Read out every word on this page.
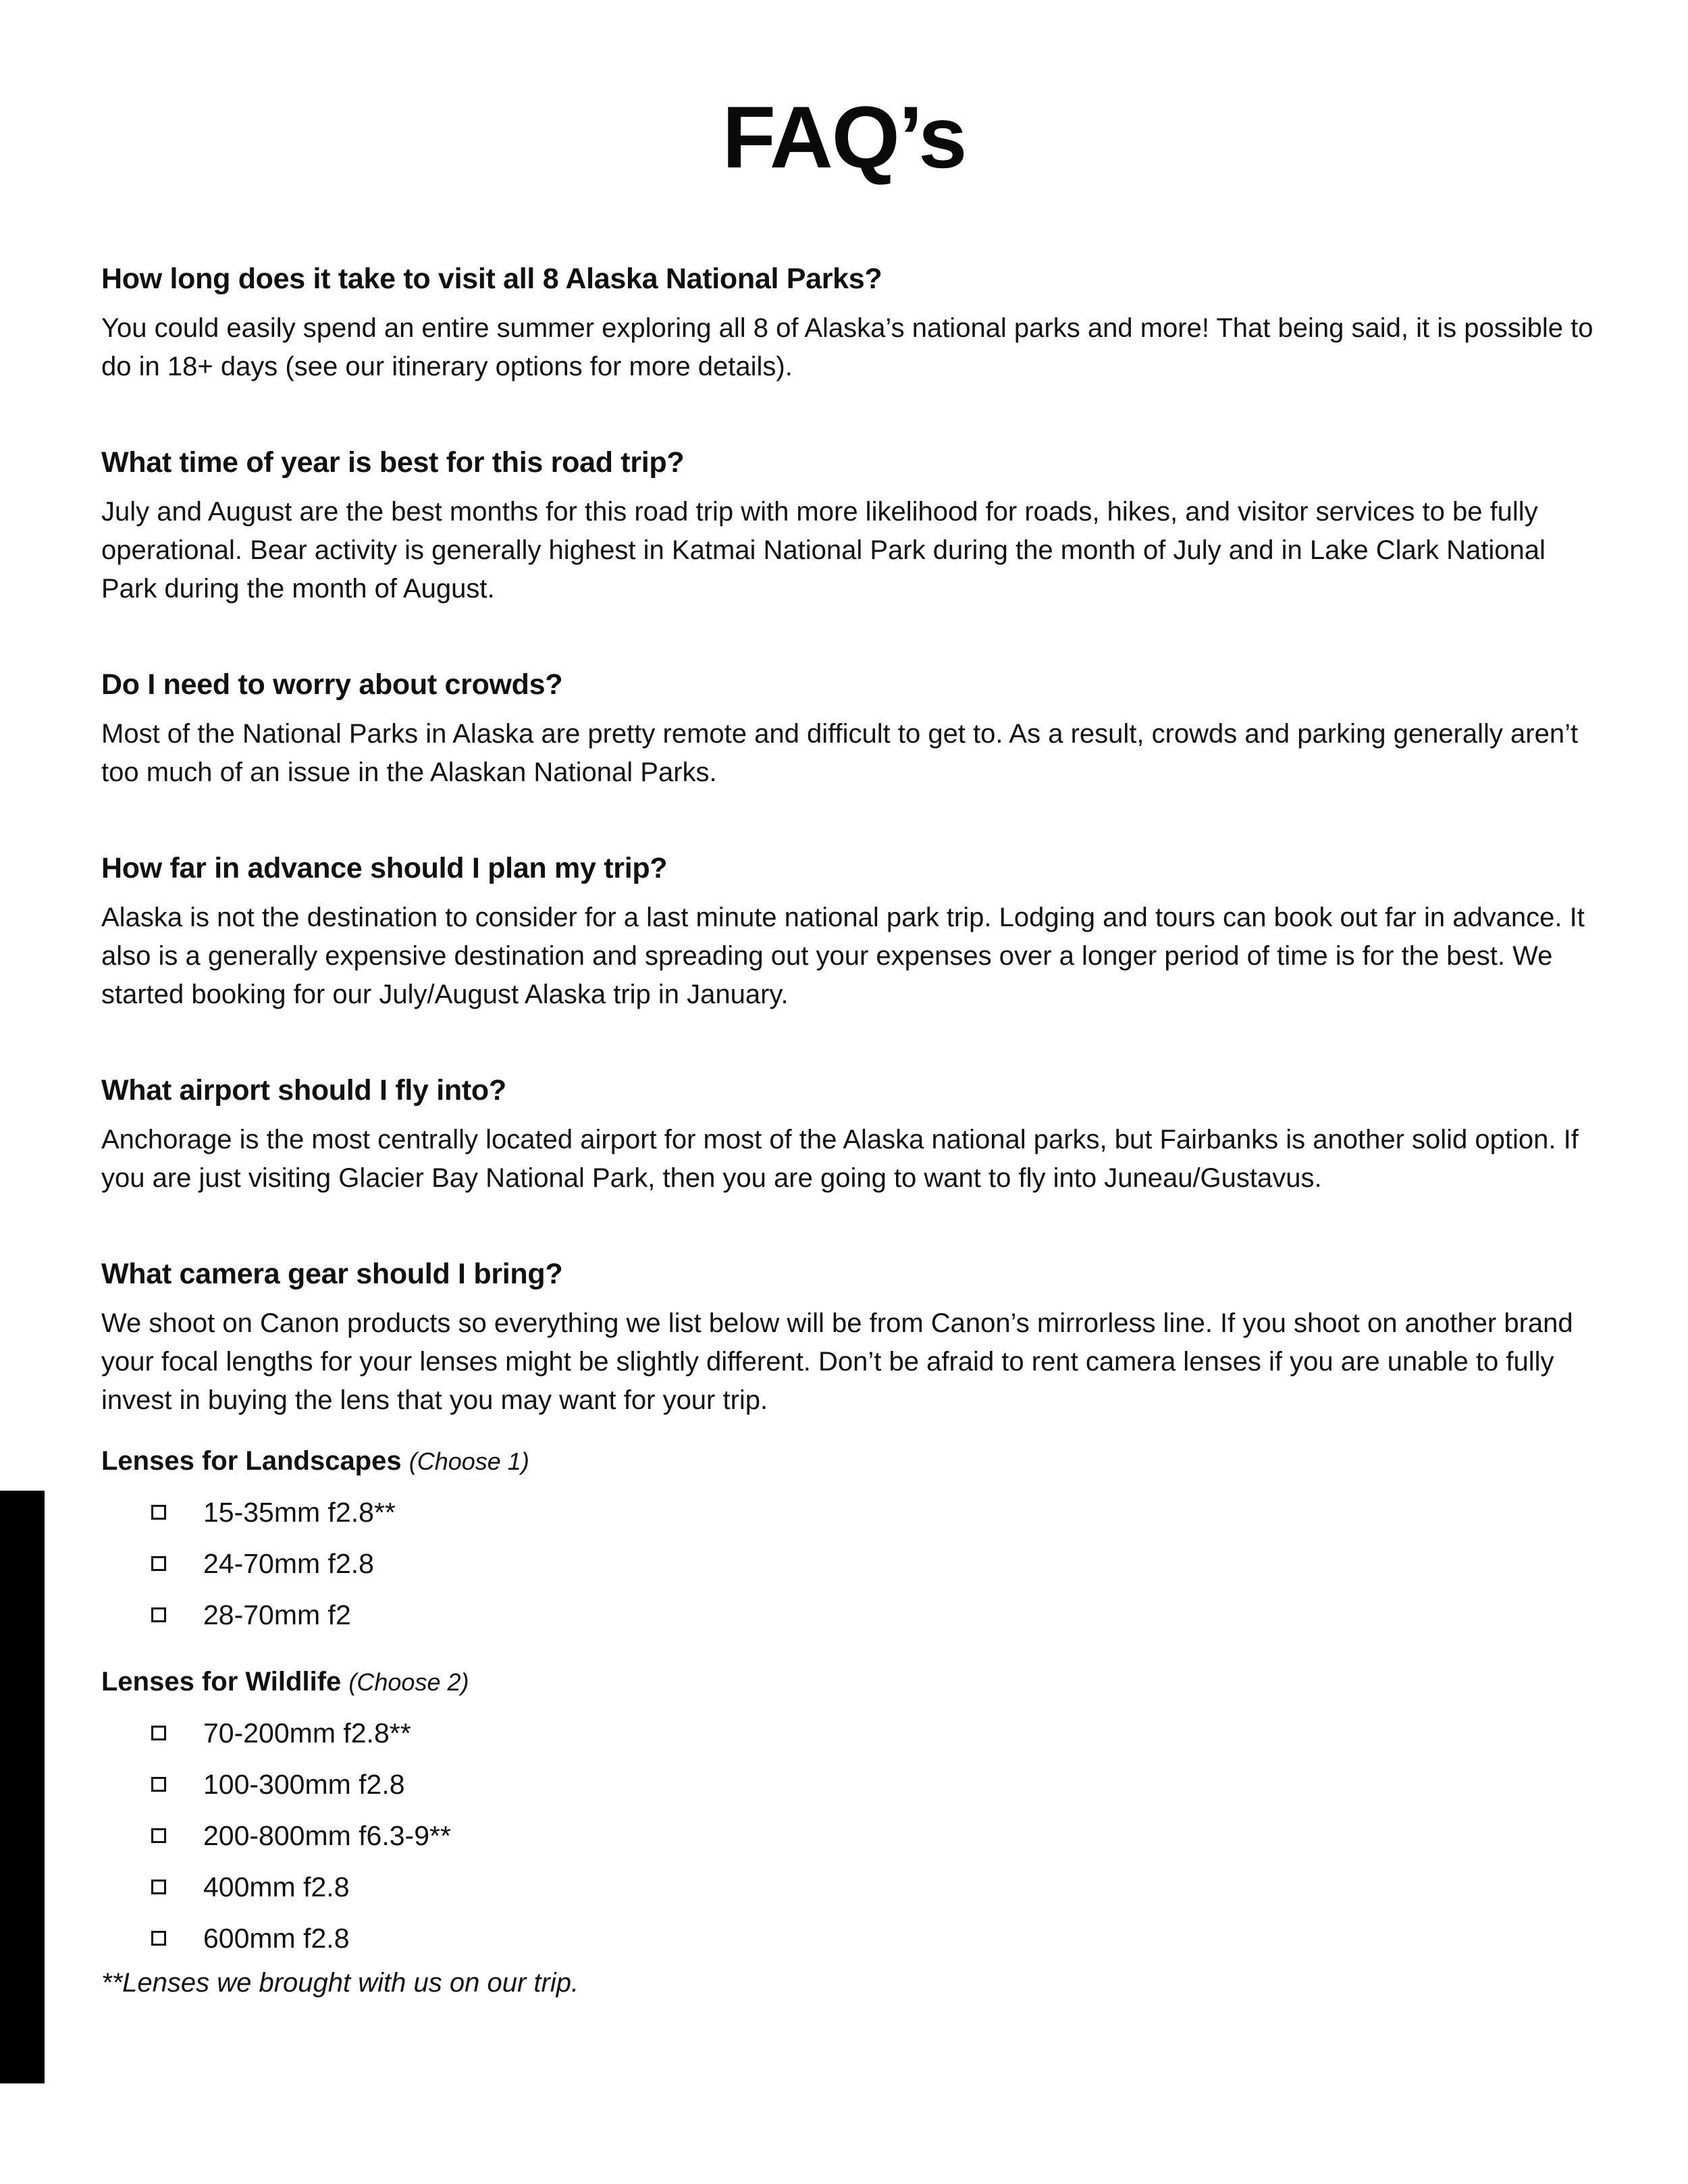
FAQ’s
How long does it take to visit all 8 Alaska National Parks?

You could easily spend an entire summer exploring all 8 of Alaska’s national parks and more! That being said, it is possible to do in 18+ days (see our itinerary options for more details).

What time of year is best for this road trip?

July and August are the best months for this road trip with more likelihood for roads, hikes, and visitor services to be fully operational. Bear activity is generally highest in Katmai National Park during the month of July and in Lake Clark National Park during the month of August.

Do I need to worry about crowds?

Most of the National Parks in Alaska are pretty remote and difficult to get to. As a result, crowds and parking generally aren’t too much of an issue in the Alaskan National Parks.

How far in advance should I plan my trip?

Alaska is not the destination to consider for a last minute national park trip. Lodging and tours can book out far in advance. It also is a generally expensive destination and spreading out your expenses over a longer period of time is for the best. We started booking for our July/August Alaska trip in January.

What airport should I fly into?

Anchorage is the most centrally located airport for most of the Alaska national parks, but Fairbanks is another solid option. If you are just visiting Glacier Bay National Park, then you are going to want to fly into Juneau/Gustavus.

What camera gear should I bring?

We shoot on Canon products so everything we list below will be from Canon’s mirrorless line. If you shoot on another brand your focal lengths for your lenses might be slightly different. Don’t be afraid to rent camera lenses if you are unable to fully invest in buying the lens that you may want for your trip.

Lenses for Landscapes (Choose 1)
15-35mm f2.8**
24-70mm f2.8
28-70mm f2
Lenses for Wildlife (Choose 2)
70-200mm f2.8**
100-300mm f2.8
200-800mm f6.3-9**
400mm f2.8
600mm f2.8

**Lenses we brought with us on our trip.
